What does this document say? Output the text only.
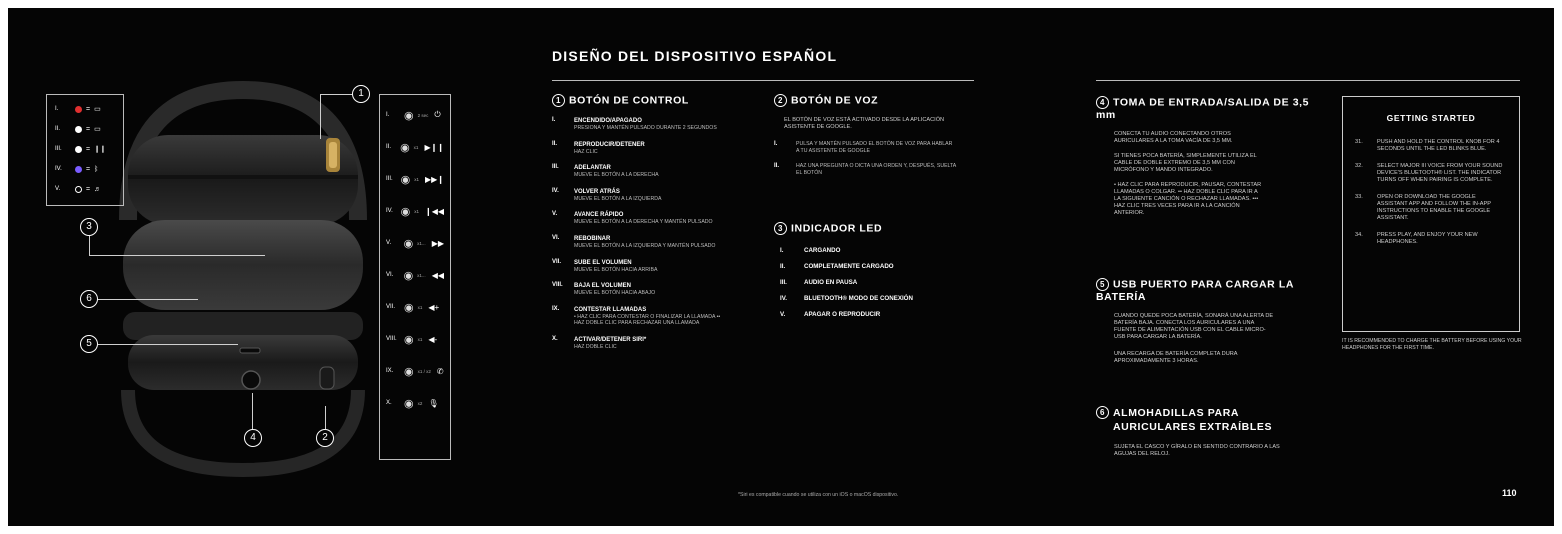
1
3
6
5
4	2
I.	= ▭
II.	= ▭
III.	= ❙❙
IV.	= ᛒ
V.	= ♬
I.	◉ 2 sec ⏻
II. ◉ x1 ▶❙❙
III. ◉ x1 ▶▶❙
IV. ◉ x1 ❙◀◀
V.	◉ x1... ▶▶
VI. ◉ x1... ◀◀
VII. ◉ x1 ◀+
VIII. ◉ x1 ◀-
IX. ◉ x1 / x2 ✆
X.	◉ x2 🎙
DISEÑO DEL DISPOSITIVO ESPAÑOL
1 BOTÓN DE CONTROL
I.	ENCENDIDO/APAGADO
PRESIONA Y MANTÉN PULSADO DURANTE 2 SEGUNDOS
II.	REPRODUCIR/DETENER
HAZ CLIC
III.	ADELANTAR
MUEVE EL BOTÓN A LA DERECHA
IV.	VOLVER ATRÁS
MUEVE EL BOTÓN A LA IZQUIERDA
V.	AVANCE RÁPIDO
MUEVE EL BOTÓN A LA DERECHA Y MANTÉN PULSADO
VI.	REBOBINAR
MUEVE EL BOTÓN A LA IZQUIERDA Y MANTÉN PULSADO
VII.	SUBE EL VOLUMEN
MUEVE EL BOTÓN HACIA ARRIBA
VIII.	BAJA EL VOLUMEN
MUEVE EL BOTÓN HACIA ABAJO
IX.	CONTESTAR LLAMADAS
• HAZ CLIC PARA CONTESTAR O FINALIZAR LA LLAMADA •• HAZ DOBLE CLIC PARA RECHAZAR UNA LLAMADA
X.	ACTIVAR/DETENER SIRI*
HAZ DOBLE CLIC
2 BOTÓN DE VOZ
EL BOTÓN DE VOZ ESTÁ ACTIVADO DESDE LA APLICACIÓN ASISTENTE DE GOOGLE.
I.	PULSA Y MANTÉN PULSADO EL BOTÓN DE VOZ PARA HABLAR A TU ASISTENTE DE GOOGLE
II.	HAZ UNA PREGUNTA O DICTA UNA ORDEN Y, DESPUÉS, SUELTA EL BOTÓN
3 INDICADOR LED
I.	CARGANDO
II.	COMPLETAMENTE CARGADO
III.	AUDIO EN PAUSA
IV.	BLUETOOTH® MODO DE CONEXIÓN
V.	APAGAR O REPRODUCIR
*Siri es compatible cuando se utiliza con un iOS o macOS dispositivo.
4 TOMA DE ENTRADA/SALIDA DE 3,5 mm
CONECTA TU AUDIO CONECTANDO OTROS AURICULARES A LA TOMA VACÍA DE 3,5 MM.
SI TIENES POCA BATERÍA, SIMPLEMENTE UTILIZA EL CABLE DE DOBLE EXTREMO DE 3,5 MM CON MICRÓFONO Y MANDO INTEGRADO.
• HAZ CLIC PARA REPRODUCIR, PAUSAR, CONTESTAR LLAMADAS O COLGAR. •• HAZ DOBLE CLIC PARA IR A LA SIGUIENTE CANCIÓN O RECHAZAR LLAMADAS. ••• HAZ CLIC TRES VECES PARA IR A LA CANCIÓN ANTERIOR.
5 USB PUERTO PARA CARGAR LA BATERÍA
CUANDO QUEDE POCA BATERÍA, SONARÁ UNA ALERTA DE BATERÍA BAJA. CONECTA LOS AURICULARES A UNA FUENTE DE ALIMENTACIÓN USB CON EL CABLE MICRO-USB PARA CARGAR LA BATERÍA.
UNA RECARGA DE BATERÍA COMPLETA DURA APROXIMADAMENTE 3 HORAS.
6 ALMOHADILLAS PARA AURICULARES EXTRAÍBLES
SUJETA EL CASCO Y GÍRALO EN SENTIDO CONTRARIO A LAS AGUJAS DEL RELOJ.
GETTING STARTED
31.	PUSH AND HOLD THE CONTROL KNOB FOR 4 SECONDS UNTIL THE LED BLINKS BLUE.
32.	SELECT MAJOR III VOICE FROM YOUR SOUND DEVICE'S BLUETOOTH® LIST. THE INDICATOR TURNS OFF WHEN PAIRING IS COMPLETE.
33.	OPEN OR DOWNLOAD THE GOOGLE ASSISTANT APP AND FOLLOW THE IN-APP INSTRUCTIONS TO ENABLE THE GOOGLE ASSISTANT.
34.	PRESS PLAY, AND ENJOY YOUR NEW HEADPHONES.
IT IS RECOMMENDED TO CHARGE THE BATTERY BEFORE USING YOUR HEADPHONES FOR THE FIRST TIME.
110
